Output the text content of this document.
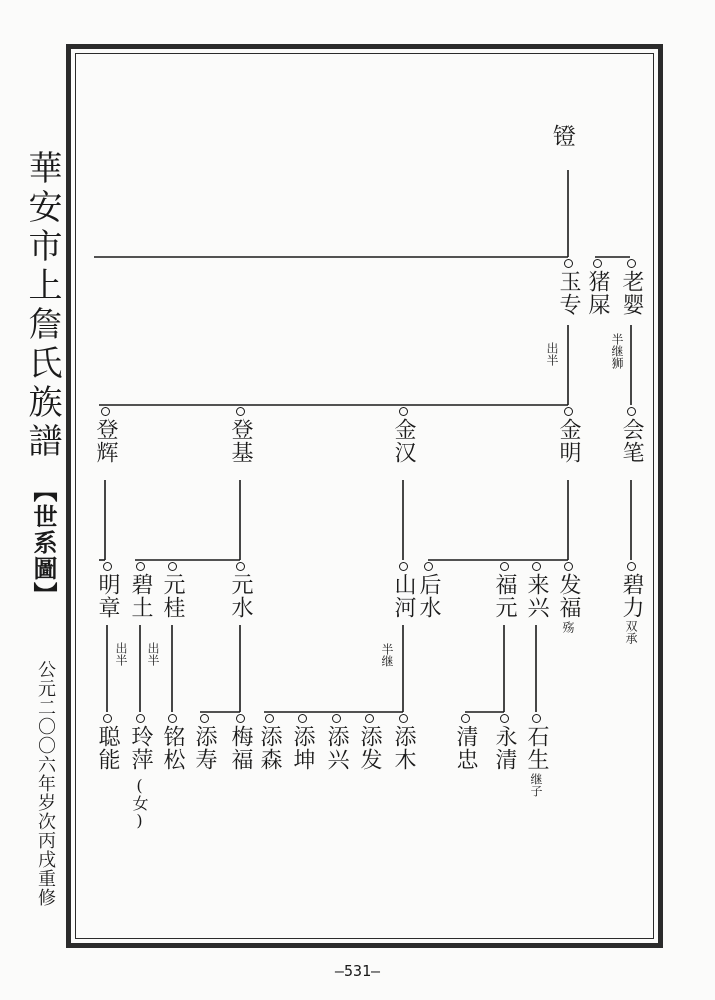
華安市上詹氏族譜
【世系圖】
公元二〇〇六年岁次丙戌重修
镫
老婴
猪屎
玉专
半继狮
出半
会笔
金明
金汉
登基
登辉
碧力
双承
发福
殇
来兴
福元
后水
山河
半继
元水
元桂
碧土
出半
明章
出半
石生
继子
永清
清忠
添木
添发
添兴
添坤
添森
梅福
添寿
铭松
玲萍
(女)
聪能
—531—
